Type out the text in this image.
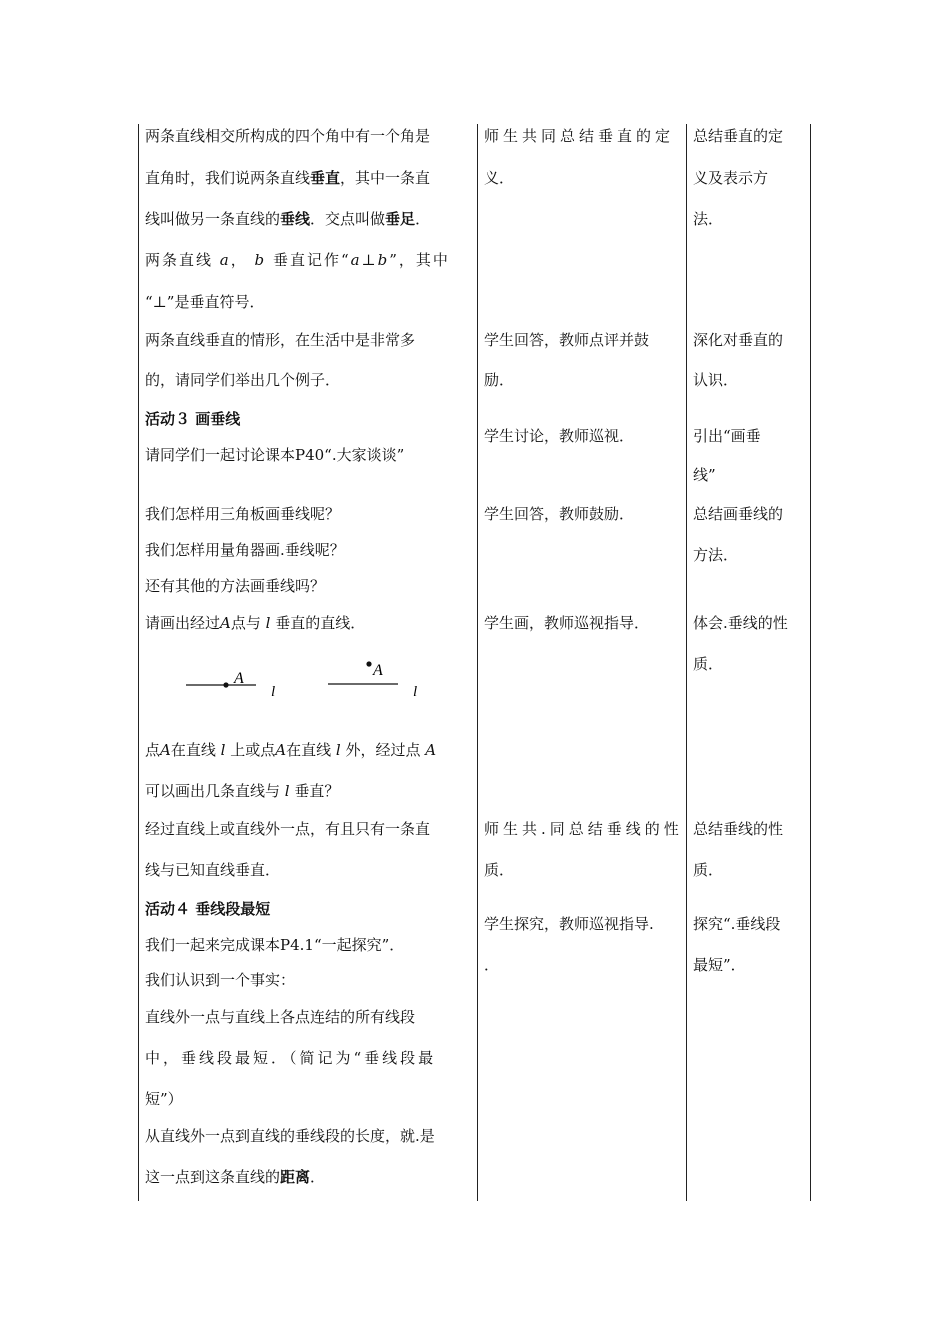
两条直线相交所构成的四个角中有一个角是
直角时，我们说两条直线垂直，其中一条直
线叫做另一条直线的垂线．交点叫做垂足．
两条直线 a， b 垂直记作“a⊥b”，其中
“⊥”是垂直符号．
两条直线垂直的情形，在生活中是非常多
的，请同学们举出几个例子．
活动３ 画垂线
请同学们一起讨论课本P40“.大家谈谈”
我们怎样用三角板画垂线呢？
我们怎样用量角器画.垂线呢？
还有其他的方法画垂线吗？
请画出经过A点与 l 垂直的直线．
A
l
A
l
点A在直线 l 上或点A在直线 l 外，经过点 A
可以画出几条直线与 l 垂直？
经过直线上或直线外一点，有且只有一条直
线与已知直线垂直．
活动４ 垂线段最短
我们一起来完成课本P4.1“一起探究”．
我们认识到一个事实：
直线外一点与直线上各点连结的所有线段
中，垂线段最短．（简记为“垂线段最
短”）
从直线外一点到直线的垂线段的长度，就.是
这一点到这条直线的距离．
师生共同总结垂直的定
义．
学生回答，教师点评并鼓
励．
学生讨论，教师巡视．
学生回答，教师鼓励．
学生画，教师巡视指导．
师生共.同总结垂线的性
质．
学生探究，教师巡视指导.
．
总结垂直的定
义及表示方
法．
深化对垂直的
认识．
引出“画垂
线”
总结画垂线的
方法．
体会.垂线的性
质．
总结垂线的性
质．
探究“.垂线段
最短”．
